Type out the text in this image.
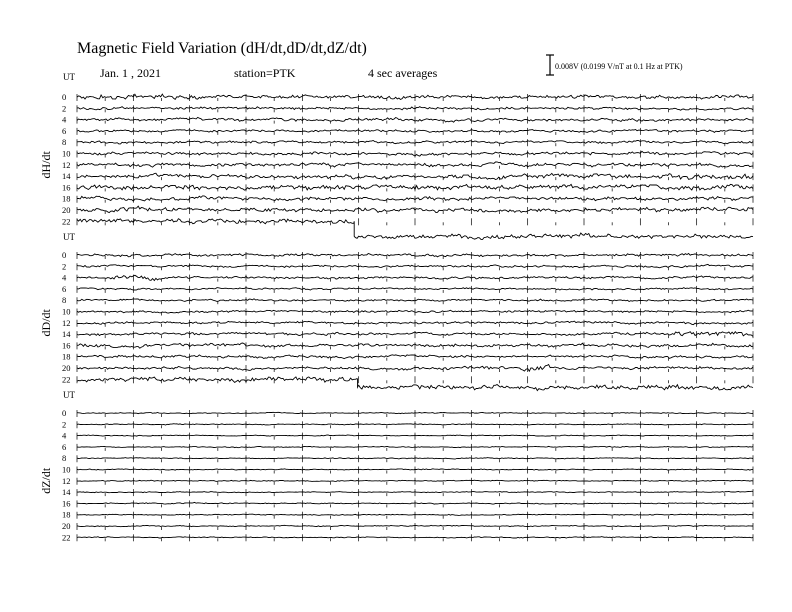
Magnetic Field Variation (dH/dt,dD/dt,dZ/dt)
Jan. 1 , 2021	station=PTK	4 sec averages	0.008V (0.0199 V/nT at 0.1 Hz at PTK)
UT
dH/dt
0
2
4
6
8
10
12
14
16
18
20
22
UT
dD/dt
0
2
4
6
8
10
12
14
16
18
20
22
UT
dZ/dt
0
2
4
6
8
10
12
14
16
18
20
22
